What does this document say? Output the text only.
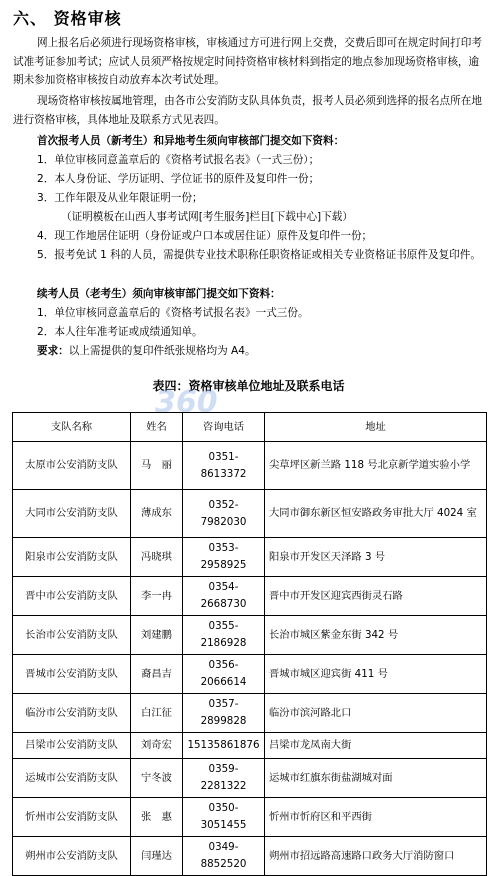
六、 资格审核
网上报名后必须进行现场资格审核，审核通过方可进行网上交费，交费后即可在规定时间打印考试准考证参加考试；应试人员须严格按规定时间持资格审核材料到指定的地点参加现场资格审核，逾期未参加资格审核按自动放弃本次考试处理。
现场资格审核按属地管理，由各市公安消防支队具体负责，报考人员必须到选择的报名点所在地进行资格审核，具体地址及联系方式见表四。
首次报考人员（新考生）和异地考生须向审核部门提交如下资料：
1．单位审核同意盖章后的《资格考试报名表》（一式三份）；
2．本人身份证、学历证明、学位证书的原件及复印件一份；
3．工作年限及从业年限证明一份；
（证明模板在山西人事考试网[考生服务]栏目[下载中心]下载）
4．现工作地居住证明（身份证或户口本或居住证）原件及复印件一份；
5．报考免试 1 科的人员，需提供专业技术职称任职资格证或相关专业资格证书原件及复印件。
续考人员（老考生）须向审核审部门提交如下资料：
1．单位审核同意盖章后的《资格考试报名表》一式三份。
2．本人往年准考证或成绩通知单。
要求：以上需提供的复印件纸张规格均为 A4。
表四：资格审核单位地址及联系电话
360
支队名称	姓名	咨询电话	地址
太原市公安消防支队	马　丽	0351-8613372	尖草坪区新兰路 118 号北京新学道实验小学
大同市公安消防支队	薄成东	0352-7982030	大同市御东新区恒安路政务审批大厅 4024 室
阳泉市公安消防支队	冯晓琪	0353-2958925	阳泉市开发区天泽路 3 号
晋中市公安消防支队	李一冉	0354-2668730	晋中市开发区迎宾西街灵石路
长治市公安消防支队	刘建鹏	0355-2186928	长治市城区紫金东街 342 号
晋城市公安消防支队	裔昌吉	0356-2066614	晋城市城区迎宾街 411 号
临汾市公安消防支队	白江征	0357-2899828	临汾市滨河路北口
吕梁市公安消防支队	刘奇宏	15135861876	吕梁市龙凤南大街
运城市公安消防支队	宁冬波	0359-2281322	运城市红旗东街盐湖城对面
忻州市公安消防支队	张　惠	0350-3051455	忻州市忻府区和平西街
朔州市公安消防支队	闫瑾达	0349-8852520	朔州市招远路高速路口政务大厅消防窗口
